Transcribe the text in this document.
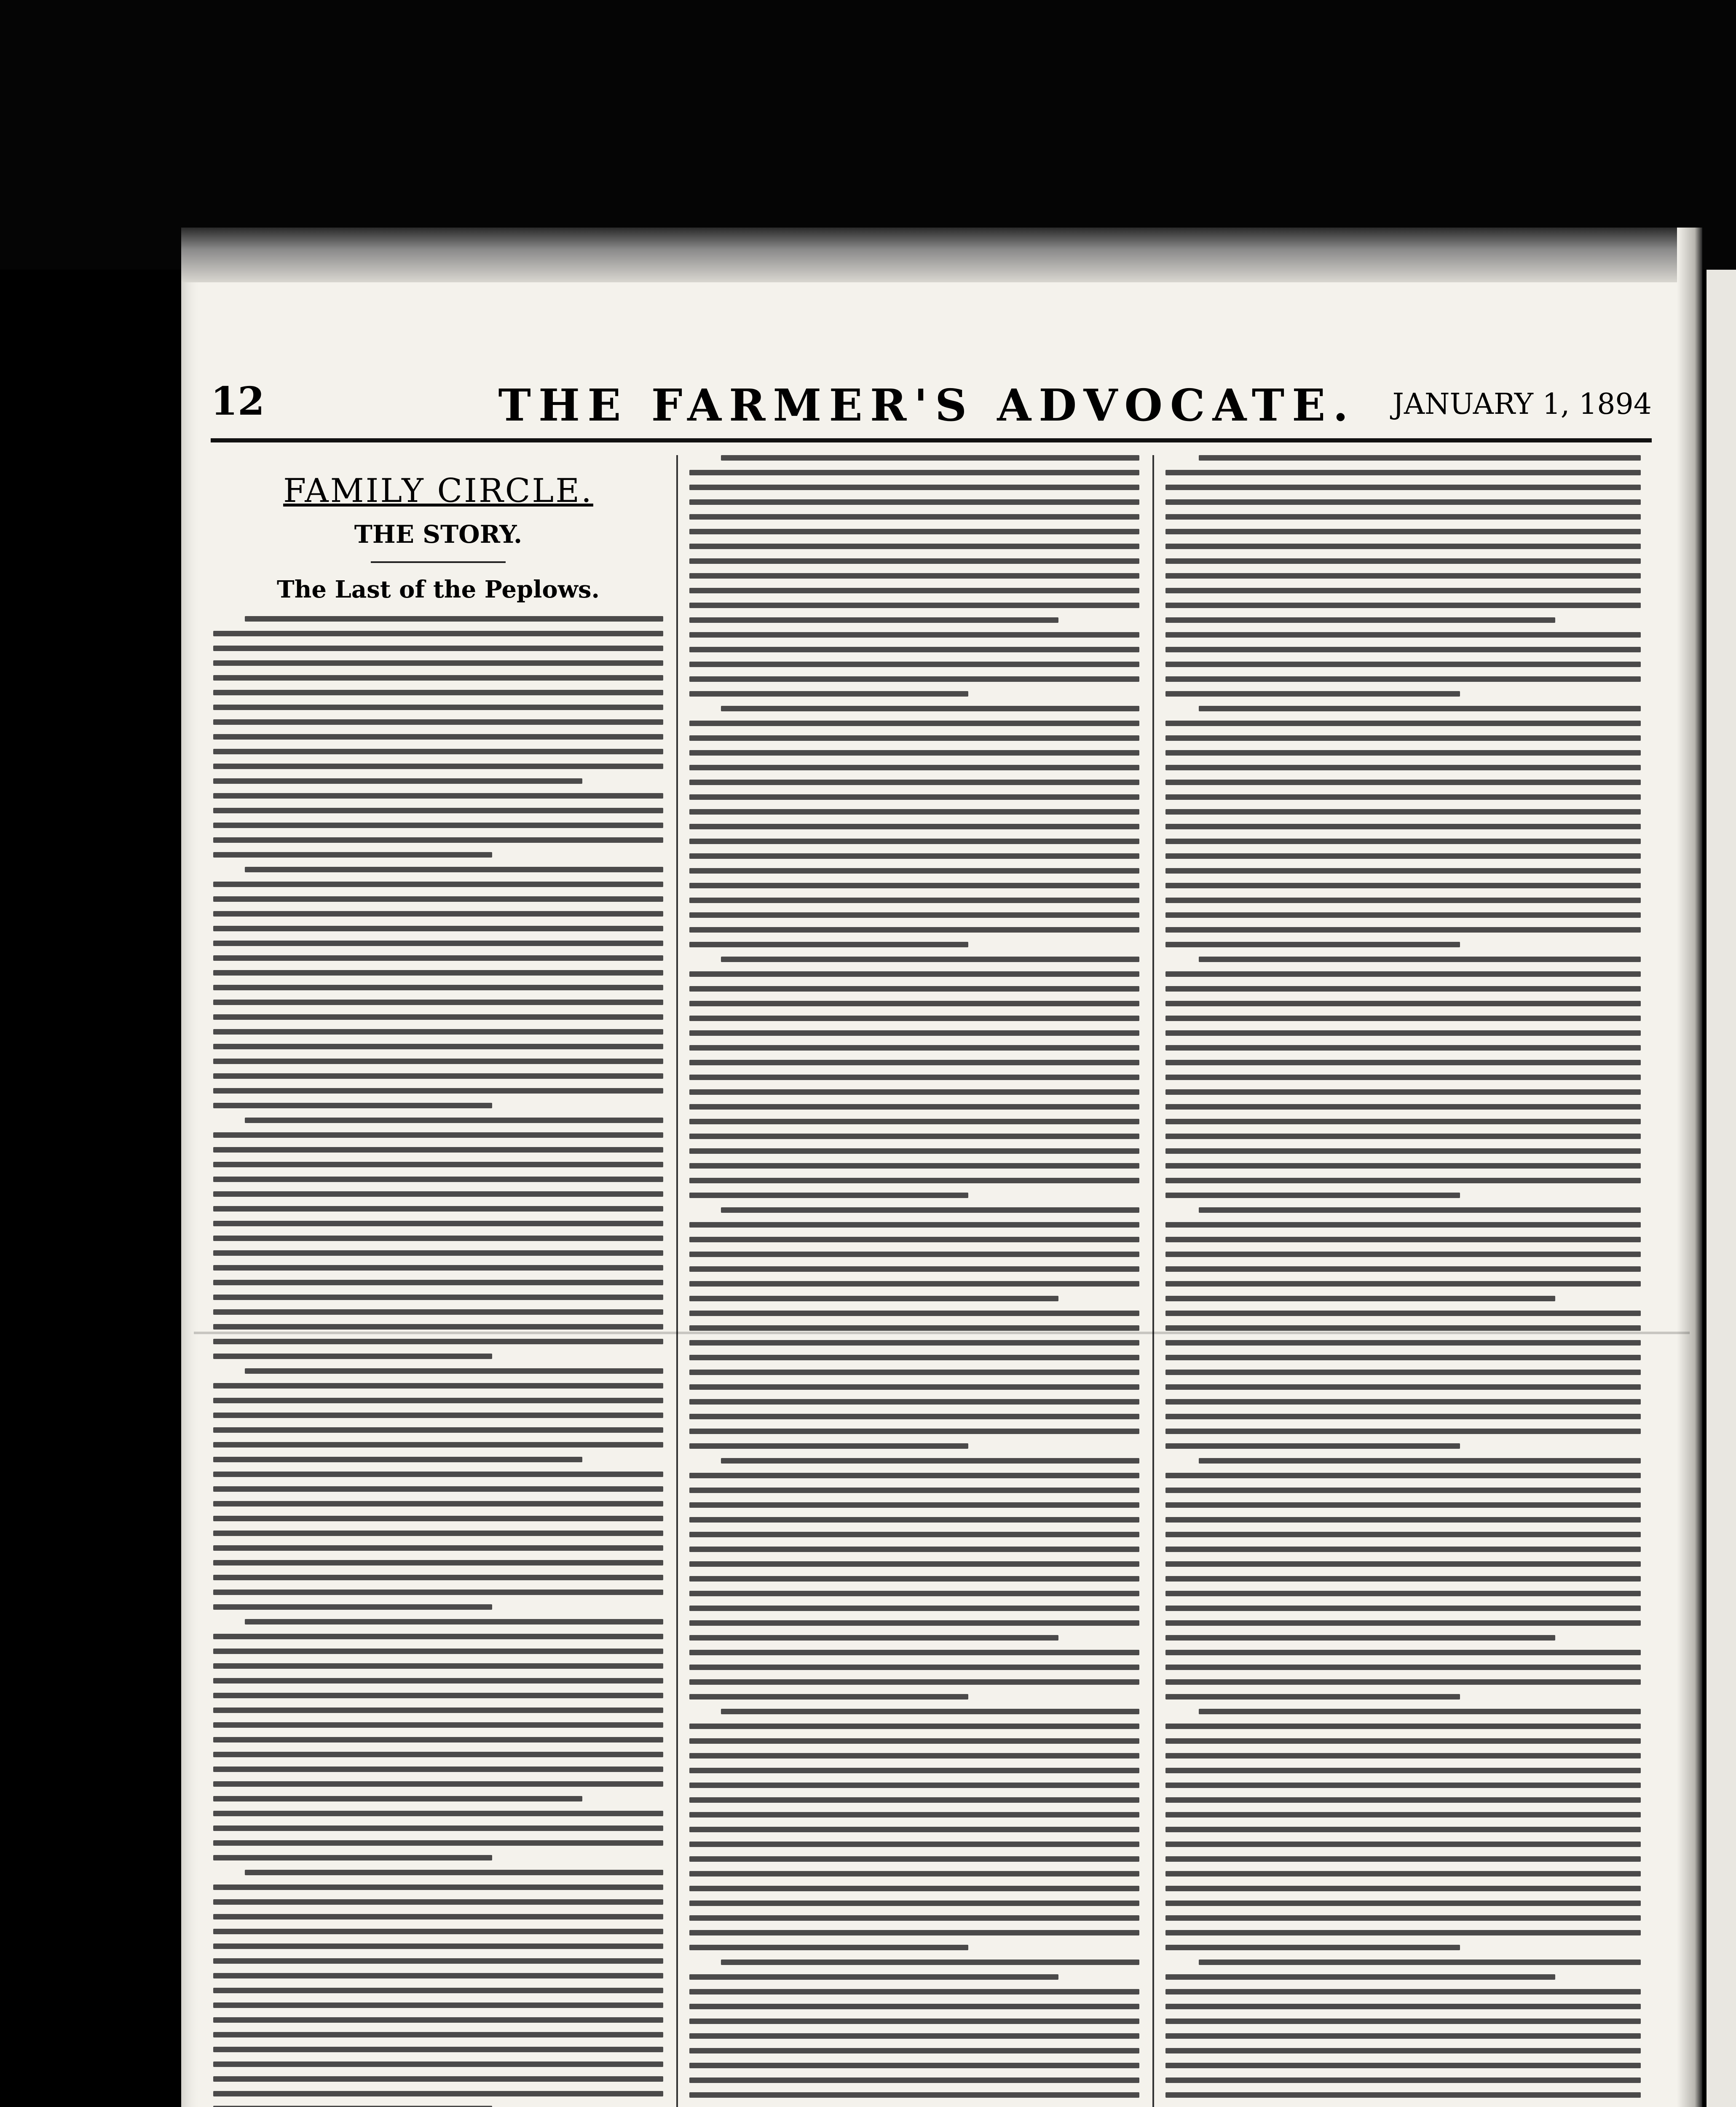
12	THE FARMER'S ADVOCATE.	JANUARY 1, 1894
FAMILY CIRCLE.
THE STORY.
The Last of the Peplows.
